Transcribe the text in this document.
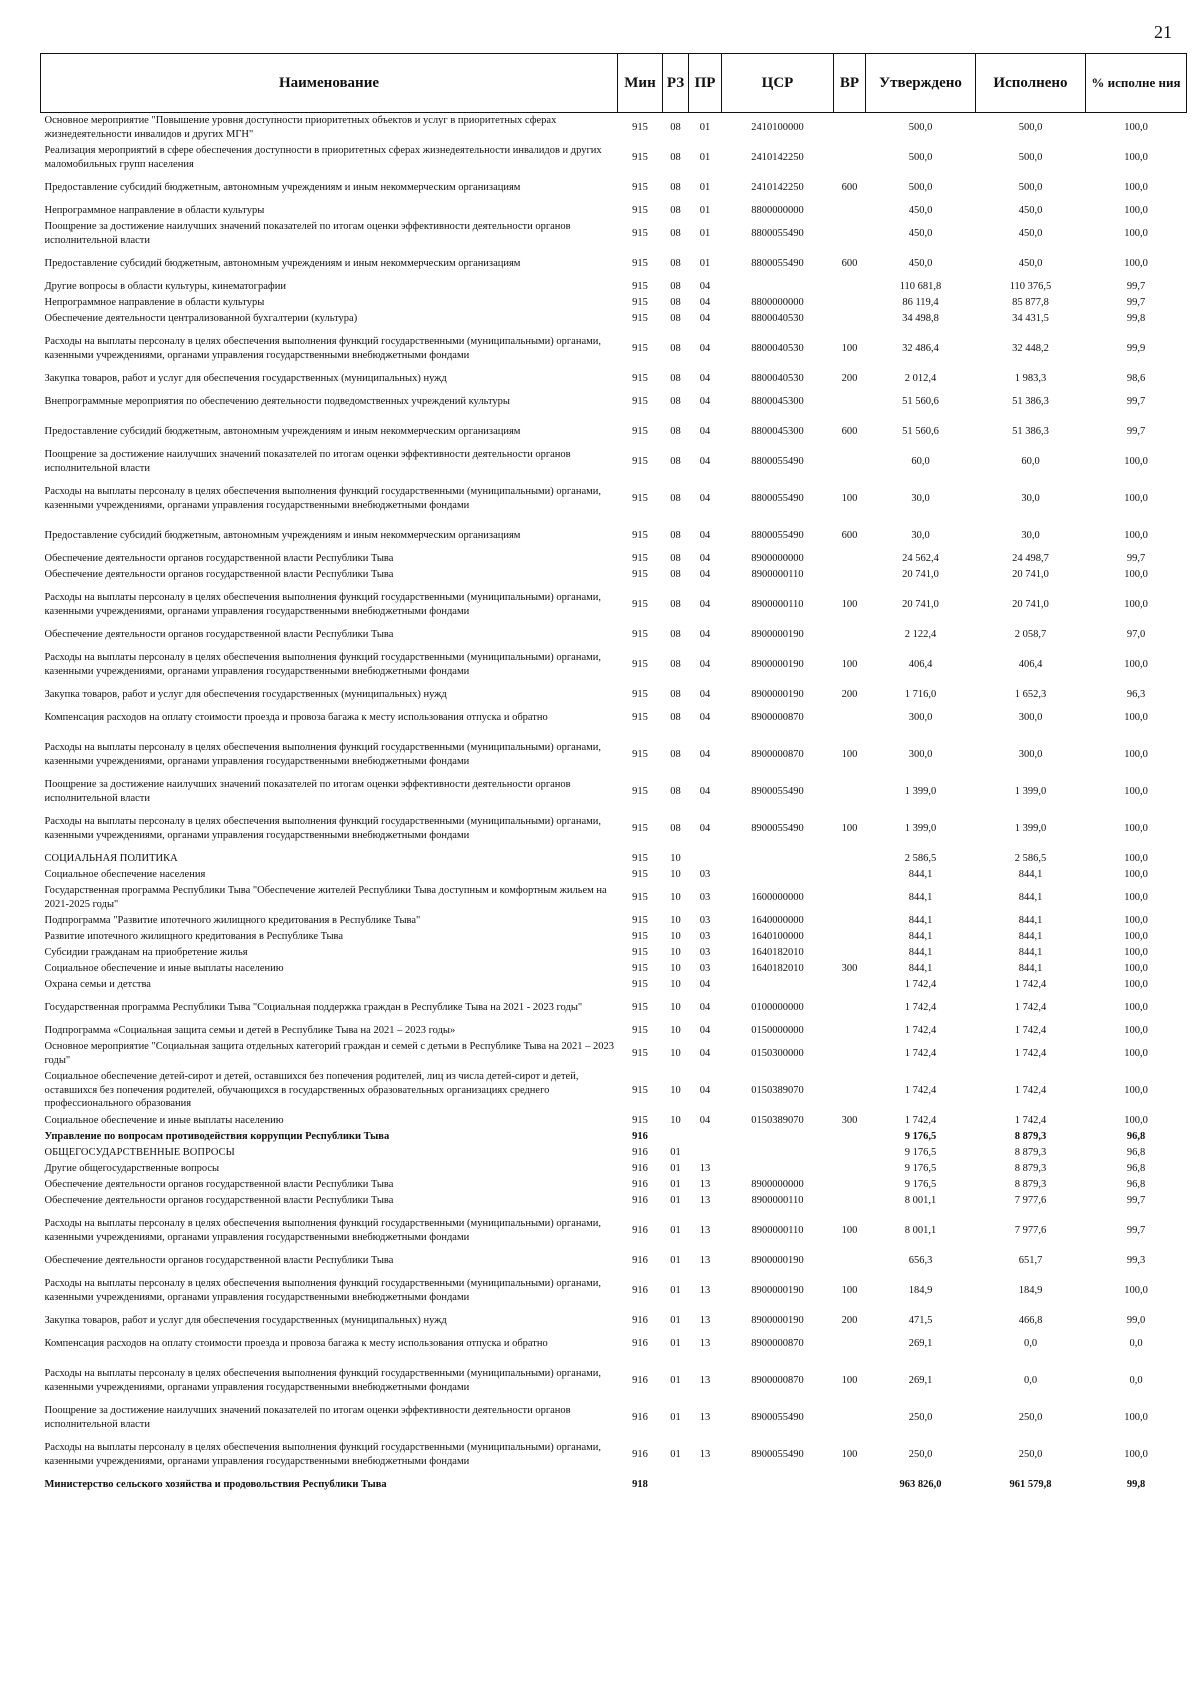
21
Наименование	Мин	РЗ	ПР	ЦСР	ВР	Утверждено	Исполнено	% исполне ния
Основное мероприятие "Повышение уровня доступности приоритетных объектов и услуг в приоритетных сферах жизнедеятельности инвалидов и других МГН"	915	08	01	2410100000		500,0	500,0	100,0
Реализация мероприятий в сфере обеспечения доступности в приоритетных сферах жизнедеятельности инвалидов и других маломобильных групп населения	915	08	01	2410142250		500,0	500,0	100,0
Предоставление субсидий бюджетным, автономным учреждениям и иным некоммерческим организациям	915	08	01	2410142250	600	500,0	500,0	100,0
Непрограммное направление в области культуры	915	08	01	8800000000		450,0	450,0	100,0
Поощрение за достижение наилучших значений показателей по итогам оценки эффективности деятельности органов исполнительной власти	915	08	01	8800055490		450,0	450,0	100,0
Предоставление субсидий бюджетным, автономным учреждениям и иным некоммерческим организациям	915	08	01	8800055490	600	450,0	450,0	100,0
Другие вопросы в области культуры, кинематографии	915	08	04			110 681,8	110 376,5	99,7
Непрограммное направление в области культуры	915	08	04	8800000000		86 119,4	85 877,8	99,7
Обеспечение деятельности централизованной бухгалтерии (культура)	915	08	04	8800040530		34 498,8	34 431,5	99,8
Расходы на выплаты персоналу в целях обеспечения выполнения функций государственными (муниципальными) органами, казенными учреждениями, органами управления государственными внебюджетными фондами	915	08	04	8800040530	100	32 486,4	32 448,2	99,9
Закупка товаров, работ и услуг для обеспечения государственных (муниципальных) нужд	915	08	04	8800040530	200	2 012,4	1 983,3	98,6
Внепрограммные мероприятия по обеспечению деятельности подведомственных учреждений культуры	915	08	04	8800045300		51 560,6	51 386,3	99,7
Предоставление субсидий бюджетным, автономным учреждениям и иным некоммерческим организациям	915	08	04	8800045300	600	51 560,6	51 386,3	99,7
Поощрение за достижение наилучших значений показателей по итогам оценки эффективности деятельности органов исполнительной власти	915	08	04	8800055490		60,0	60,0	100,0
Расходы на выплаты персоналу в целях обеспечения выполнения функций государственными (муниципальными) органами, казенными учреждениями, органами управления государственными внебюджетными фондами	915	08	04	8800055490	100	30,0	30,0	100,0
Предоставление субсидий бюджетным, автономным учреждениям и иным некоммерческим организациям	915	08	04	8800055490	600	30,0	30,0	100,0
Обеспечение деятельности органов государственной власти Республики Тыва	915	08	04	8900000000		24 562,4	24 498,7	99,7
Обеспечение деятельности органов государственной власти Республики Тыва	915	08	04	8900000110		20 741,0	20 741,0	100,0
Расходы на выплаты персоналу в целях обеспечения выполнения функций государственными (муниципальными) органами, казенными учреждениями, органами управления государственными внебюджетными фондами	915	08	04	8900000110	100	20 741,0	20 741,0	100,0
Обеспечение деятельности органов государственной власти Республики Тыва	915	08	04	8900000190		2 122,4	2 058,7	97,0
Расходы на выплаты персоналу в целях обеспечения выполнения функций государственными (муниципальными) органами, казенными учреждениями, органами управления государственными внебюджетными фондами	915	08	04	8900000190	100	406,4	406,4	100,0
Закупка товаров, работ и услуг для обеспечения государственных (муниципальных) нужд	915	08	04	8900000190	200	1 716,0	1 652,3	96,3
Компенсация расходов на оплату стоимости проезда и провоза багажа к месту использования отпуска и обратно	915	08	04	8900000870		300,0	300,0	100,0
Расходы на выплаты персоналу в целях обеспечения выполнения функций государственными (муниципальными) органами, казенными учреждениями, органами управления государственными внебюджетными фондами	915	08	04	8900000870	100	300,0	300,0	100,0
Поощрение за достижение наилучших значений показателей по итогам оценки эффективности деятельности органов исполнительной власти	915	08	04	8900055490		1 399,0	1 399,0	100,0
Расходы на выплаты персоналу в целях обеспечения выполнения функций государственными (муниципальными) органами, казенными учреждениями, органами управления государственными внебюджетными фондами	915	08	04	8900055490	100	1 399,0	1 399,0	100,0
СОЦИАЛЬНАЯ ПОЛИТИКА	915	10				2 586,5	2 586,5	100,0
Социальное обеспечение населения	915	10	03			844,1	844,1	100,0
Государственная программа Республики Тыва "Обеспечение жителей Республики Тыва доступным и комфортным жильем на 2021-2025 годы"	915	10	03	1600000000		844,1	844,1	100,0
Подпрограмма "Развитие ипотечного жилищного кредитования в Республике Тыва"	915	10	03	1640000000		844,1	844,1	100,0
Развитие ипотечного жилищного кредитования в Республике Тыва	915	10	03	1640100000		844,1	844,1	100,0
Субсидии гражданам на приобретение жилья	915	10	03	1640182010		844,1	844,1	100,0
Социальное обеспечение и иные выплаты населению	915	10	03	1640182010	300	844,1	844,1	100,0
Охрана семьи и детства	915	10	04			1 742,4	1 742,4	100,0
Государственная программа Республики Тыва "Социальная поддержка граждан в Республике Тыва на 2021 - 2023 годы"	915	10	04	0100000000		1 742,4	1 742,4	100,0
Подпрограмма «Социальная защита семьи и детей в Республике Тыва на 2021 – 2023 годы»	915	10	04	0150000000		1 742,4	1 742,4	100,0
Основное мероприятие "Социальная защита отдельных категорий граждан и семей с детьми в Республике Тыва на 2021 – 2023 годы"	915	10	04	0150300000		1 742,4	1 742,4	100,0
Социальное обеспечение детей-сирот и детей, оставшихся без попечения родителей, лиц из числа детей-сирот и детей, оставшихся без попечения родителей, обучающихся в государственных образовательных организациях среднего профессионального образования	915	10	04	0150389070		1 742,4	1 742,4	100,0
Социальное обеспечение и иные выплаты населению	915	10	04	0150389070	300	1 742,4	1 742,4	100,0
Управление по вопросам противодействия коррупции Республики Тыва	916					9 176,5	8 879,3	96,8
ОБЩЕГОСУДАРСТВЕННЫЕ ВОПРОСЫ	916	01				9 176,5	8 879,3	96,8
Другие общегосударственные вопросы	916	01	13			9 176,5	8 879,3	96,8
Обеспечение деятельности органов государственной власти Республики Тыва	916	01	13	8900000000		9 176,5	8 879,3	96,8
Обеспечение деятельности органов государственной власти Республики Тыва	916	01	13	8900000110		8 001,1	7 977,6	99,7
Расходы на выплаты персоналу в целях обеспечения выполнения функций государственными (муниципальными) органами, казенными учреждениями, органами управления государственными внебюджетными фондами	916	01	13	8900000110	100	8 001,1	7 977,6	99,7
Обеспечение деятельности органов государственной власти Республики Тыва	916	01	13	8900000190		656,3	651,7	99,3
Расходы на выплаты персоналу в целях обеспечения выполнения функций государственными (муниципальными) органами, казенными учреждениями, органами управления государственными внебюджетными фондами	916	01	13	8900000190	100	184,9	184,9	100,0
Закупка товаров, работ и услуг для обеспечения государственных (муниципальных) нужд	916	01	13	8900000190	200	471,5	466,8	99,0
Компенсация расходов на оплату стоимости проезда и провоза багажа к месту использования отпуска и обратно	916	01	13	8900000870		269,1	0,0	0,0
Расходы на выплаты персоналу в целях обеспечения выполнения функций государственными (муниципальными) органами, казенными учреждениями, органами управления государственными внебюджетными фондами	916	01	13	8900000870	100	269,1	0,0	0,0
Поощрение за достижение наилучших значений показателей по итогам оценки эффективности деятельности органов исполнительной власти	916	01	13	8900055490		250,0	250,0	100,0
Расходы на выплаты персоналу в целях обеспечения выполнения функций государственными (муниципальными) органами, казенными учреждениями, органами управления государственными внебюджетными фондами	916	01	13	8900055490	100	250,0	250,0	100,0
Министерство сельского хозяйства и продовольствия Республики Тыва	918					963 826,0	961 579,8	99,8
